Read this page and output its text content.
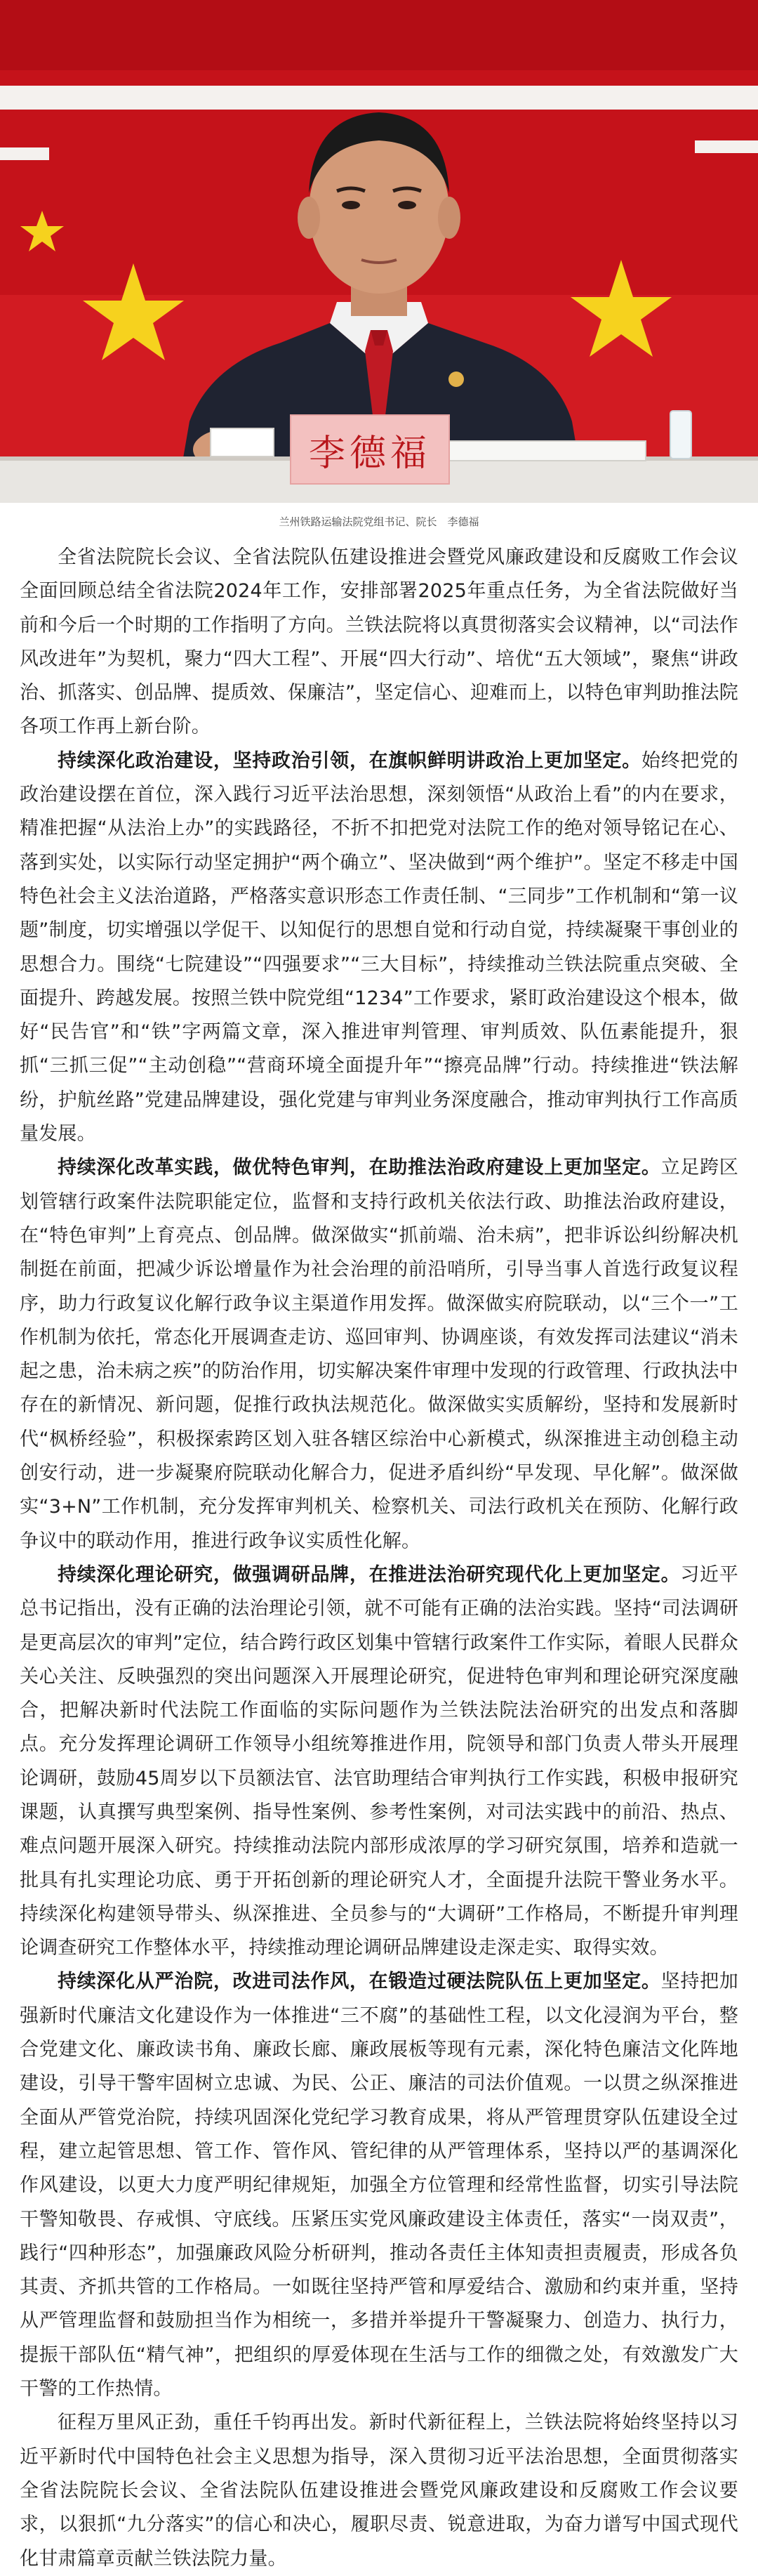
李德福
兰州铁路运输法院党组书记、院长　李德福

全省法院院长会议、全省法院队伍建设推进会暨党风廉政建设和反腐败工作会议全面回顾总结全省法院2024年工作，安排部署2025年重点任务，为全省法院做好当前和今后一个时期的工作指明了方向。兰铁法院将以真贯彻落实会议精神，以“司法作风改进年”为契机，聚力“四大工程”、开展“四大行动”、培优“五大领域”，聚焦“讲政治、抓落实、创品牌、提质效、保廉洁”，坚定信心、迎难而上，以特色审判助推法院各项工作再上新台阶。

持续深化政治建设，坚持政治引领，在旗帜鲜明讲政治上更加坚定。始终把党的政治建设摆在首位，深入践行习近平法治思想，深刻领悟“从政治上看”的内在要求，精准把握“从法治上办”的实践路径，不折不扣把党对法院工作的绝对领导铭记在心、落到实处，以实际行动坚定拥护“两个确立”、坚决做到“两个维护”。坚定不移走中国特色社会主义法治道路，严格落实意识形态工作责任制、“三同步”工作机制和“第一议题”制度，切实增强以学促干、以知促行的思想自觉和行动自觉，持续凝聚干事创业的思想合力。围绕“七院建设”“四强要求”“三大目标”，持续推动兰铁法院重点突破、全面提升、跨越发展。按照兰铁中院党组“1234”工作要求，紧盯政治建设这个根本，做好“民告官”和“铁”字两篇文章，深入推进审判管理、审判质效、队伍素能提升，狠抓“三抓三促”“主动创稳”“营商环境全面提升年”“擦亮品牌”行动。持续推进“铁法解纷，护航丝路”党建品牌建设，强化党建与审判业务深度融合，推动审判执行工作高质量发展。

持续深化改革实践，做优特色审判，在助推法治政府建设上更加坚定。立足跨区划管辖行政案件法院职能定位，监督和支持行政机关依法行政、助推法治政府建设，在“特色审判”上育亮点、创品牌。做深做实“抓前端、治未病”，把非诉讼纠纷解决机制挺在前面，把减少诉讼增量作为社会治理的前沿哨所，引导当事人首选行政复议程序，助力行政复议化解行政争议主渠道作用发挥。做深做实府院联动，以“三个一”工作机制为依托，常态化开展调查走访、巡回审判、协调座谈，有效发挥司法建议“消未起之患，治未病之疾”的防治作用，切实解决案件审理中发现的行政管理、行政执法中存在的新情况、新问题，促推行政执法规范化。做深做实实质解纷，坚持和发展新时代“枫桥经验”，积极探索跨区划入驻各辖区综治中心新模式，纵深推进主动创稳主动创安行动，进一步凝聚府院联动化解合力，促进矛盾纠纷“早发现、早化解”。做深做实“3+N”工作机制，充分发挥审判机关、检察机关、司法行政机关在预防、化解行政争议中的联动作用，推进行政争议实质性化解。

持续深化理论研究，做强调研品牌，在推进法治研究现代化上更加坚定。习近平总书记指出，没有正确的法治理论引领，就不可能有正确的法治实践。坚持“司法调研是更高层次的审判”定位，结合跨行政区划集中管辖行政案件工作实际，着眼人民群众关心关注、反映强烈的突出问题深入开展理论研究，促进特色审判和理论研究深度融合，把解决新时代法院工作面临的实际问题作为兰铁法院法治研究的出发点和落脚点。充分发挥理论调研工作领导小组统筹推进作用，院领导和部门负责人带头开展理论调研，鼓励45周岁以下员额法官、法官助理结合审判执行工作实践，积极申报研究课题，认真撰写典型案例、指导性案例、参考性案例，对司法实践中的前沿、热点、难点问题开展深入研究。持续推动法院内部形成浓厚的学习研究氛围，培养和造就一批具有扎实理论功底、勇于开拓创新的理论研究人才，全面提升法院干警业务水平。持续深化构建领导带头、纵深推进、全员参与的“大调研”工作格局，不断提升审判理论调查研究工作整体水平，持续推动理论调研品牌建设走深走实、取得实效。

持续深化从严治院，改进司法作风，在锻造过硬法院队伍上更加坚定。坚持把加强新时代廉洁文化建设作为一体推进“三不腐”的基础性工程，以文化浸润为平台，整合党建文化、廉政读书角、廉政长廊、廉政展板等现有元素，深化特色廉洁文化阵地建设，引导干警牢固树立忠诚、为民、公正、廉洁的司法价值观。一以贯之纵深推进全面从严管党治院，持续巩固深化党纪学习教育成果，将从严管理贯穿队伍建设全过程，建立起管思想、管工作、管作风、管纪律的从严管理体系，坚持以严的基调深化作风建设，以更大力度严明纪律规矩，加强全方位管理和经常性监督，切实引导法院干警知敬畏、存戒惧、守底线。压紧压实党风廉政建设主体责任，落实“一岗双责”，践行“四种形态”，加强廉政风险分析研判，推动各责任主体知责担责履责，形成各负其责、齐抓共管的工作格局。一如既往坚持严管和厚爱结合、激励和约束并重，坚持从严管理监督和鼓励担当作为相统一，多措并举提升干警凝聚力、创造力、执行力，提振干部队伍“精气神”，把组织的厚爱体现在生活与工作的细微之处，有效激发广大干警的工作热情。

征程万里风正劲，重任千钧再出发。新时代新征程上，兰铁法院将始终坚持以习近平新时代中国特色社会主义思想为指导，深入贯彻习近平法治思想，全面贯彻落实全省法院院长会议、全省法院队伍建设推进会暨党风廉政建设和反腐败工作会议要求，以狠抓“九分落实”的信心和决心，履职尽责、锐意进取，为奋力谱写中国式现代化甘肃篇章贡献兰铁法院力量。
